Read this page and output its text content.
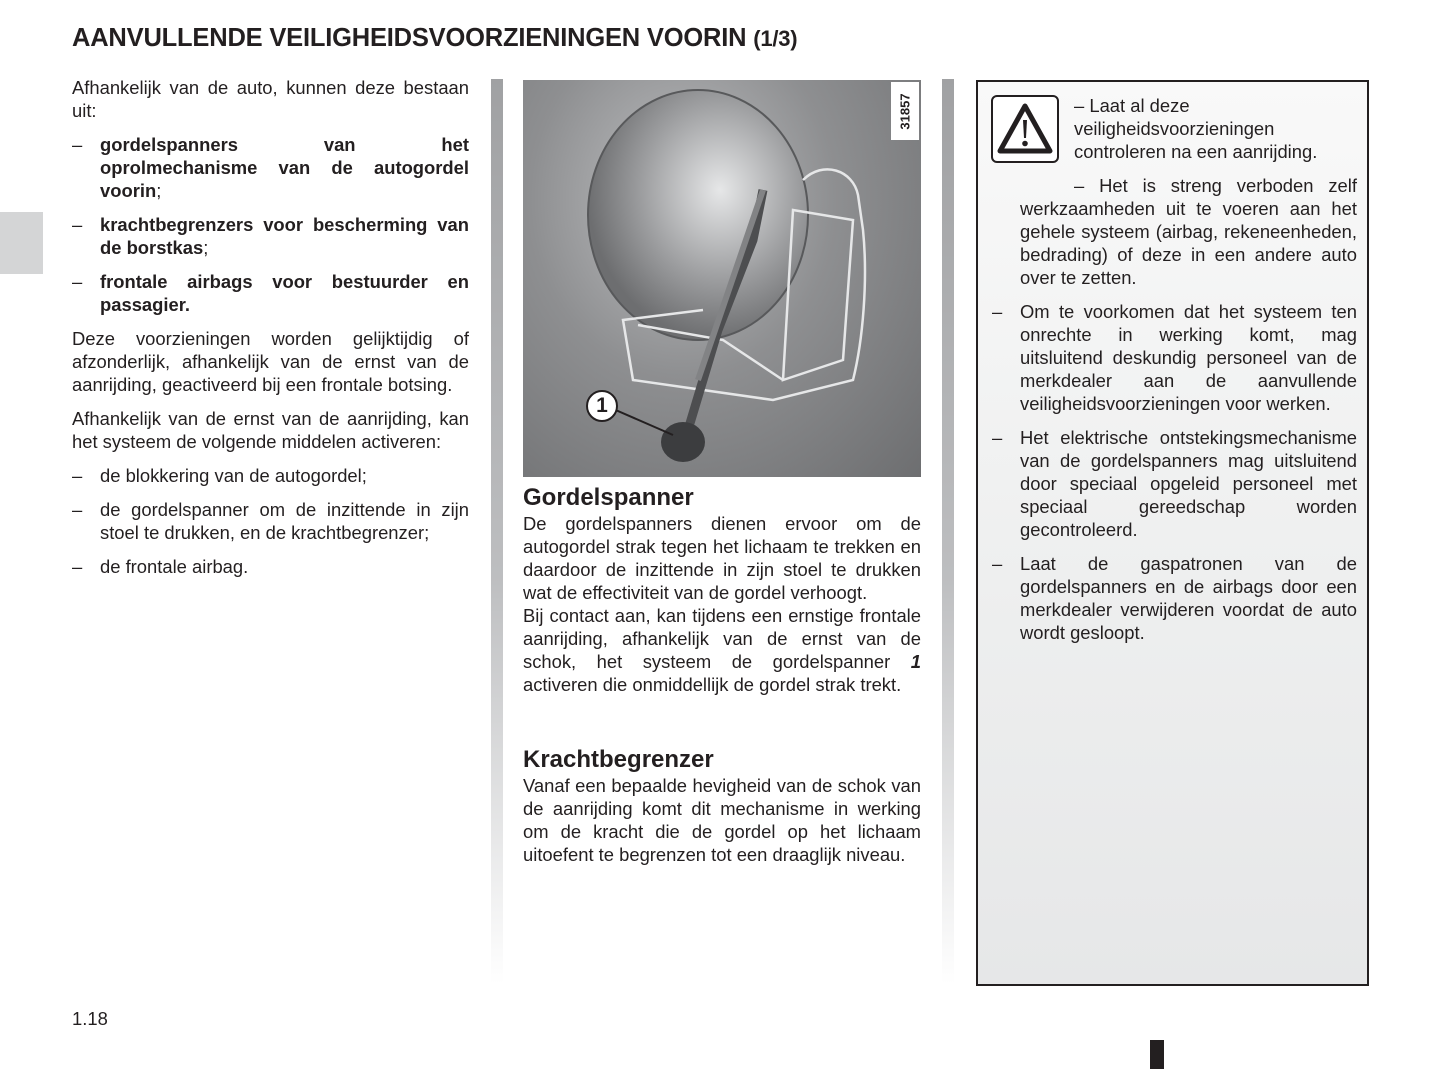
AANVULLENDE VEILIGHEIDSVOORZIENINGEN VOORIN (1/3)

Afhankelijk van de auto, kunnen deze bestaan uit:

– gordelspanners van het oprolmechanisme van de autogordel voorin;
– krachtbegrenzers voor bescherming van de borstkas;
– frontale airbags voor bestuurder en passagier.

Deze voorzieningen worden gelijktijdig of afzonderlijk, afhankelijk van de ernst van de aanrijding, geactiveerd bij een frontale botsing.

Afhankelijk van de ernst van de aanrijding, kan het systeem de volgende middelen activeren:

– de blokkering van de autogordel;
– de gordelspanner om de inzittende in zijn stoel te drukken, en de krachtbegrenzer;
– de frontale airbag.
31857
1
Gordelspanner

De gordelspanners dienen ervoor om de autogordel strak tegen het lichaam te trekken en daardoor de inzittende in zijn stoel te drukken wat de effectiviteit van de gordel verhoogt.

Bij contact aan, kan tijdens een ernstige frontale aanrijding, afhankelijk van de ernst van de schok, het systeem de gordelspanner 1 activeren die onmiddellijk de gordel strak trekt.

Krachtbegrenzer

Vanaf een bepaalde hevigheid van de schok van de aanrijding komt dit mechanisme in werking om de kracht die de gordel op het lichaam uitoefent te begrenzen tot een draaglijk niveau.

– Laat al deze veiligheidsvoorzieningen controleren na een aanrijding.

– Het is streng verboden zelf werkzaamheden uit te voeren aan het gehele systeem (airbag, rekeneenheden, bedrading) of deze in een andere auto over te zetten.

– Om te voorkomen dat het systeem ten onrechte in werking komt, mag uitsluitend deskundig personeel van de merkdealer aan de aanvullende veiligheidsvoorzieningen voor werken.
– Het elektrische ontstekingsmechanisme van de gordelspanners mag uitsluitend door speciaal opgeleid personeel met speciaal gereedschap worden gecontroleerd.
– Laat de gaspatronen van de gordelspanners en de airbags door een merkdealer verwijderen voordat de auto wordt gesloopt.
1.18
